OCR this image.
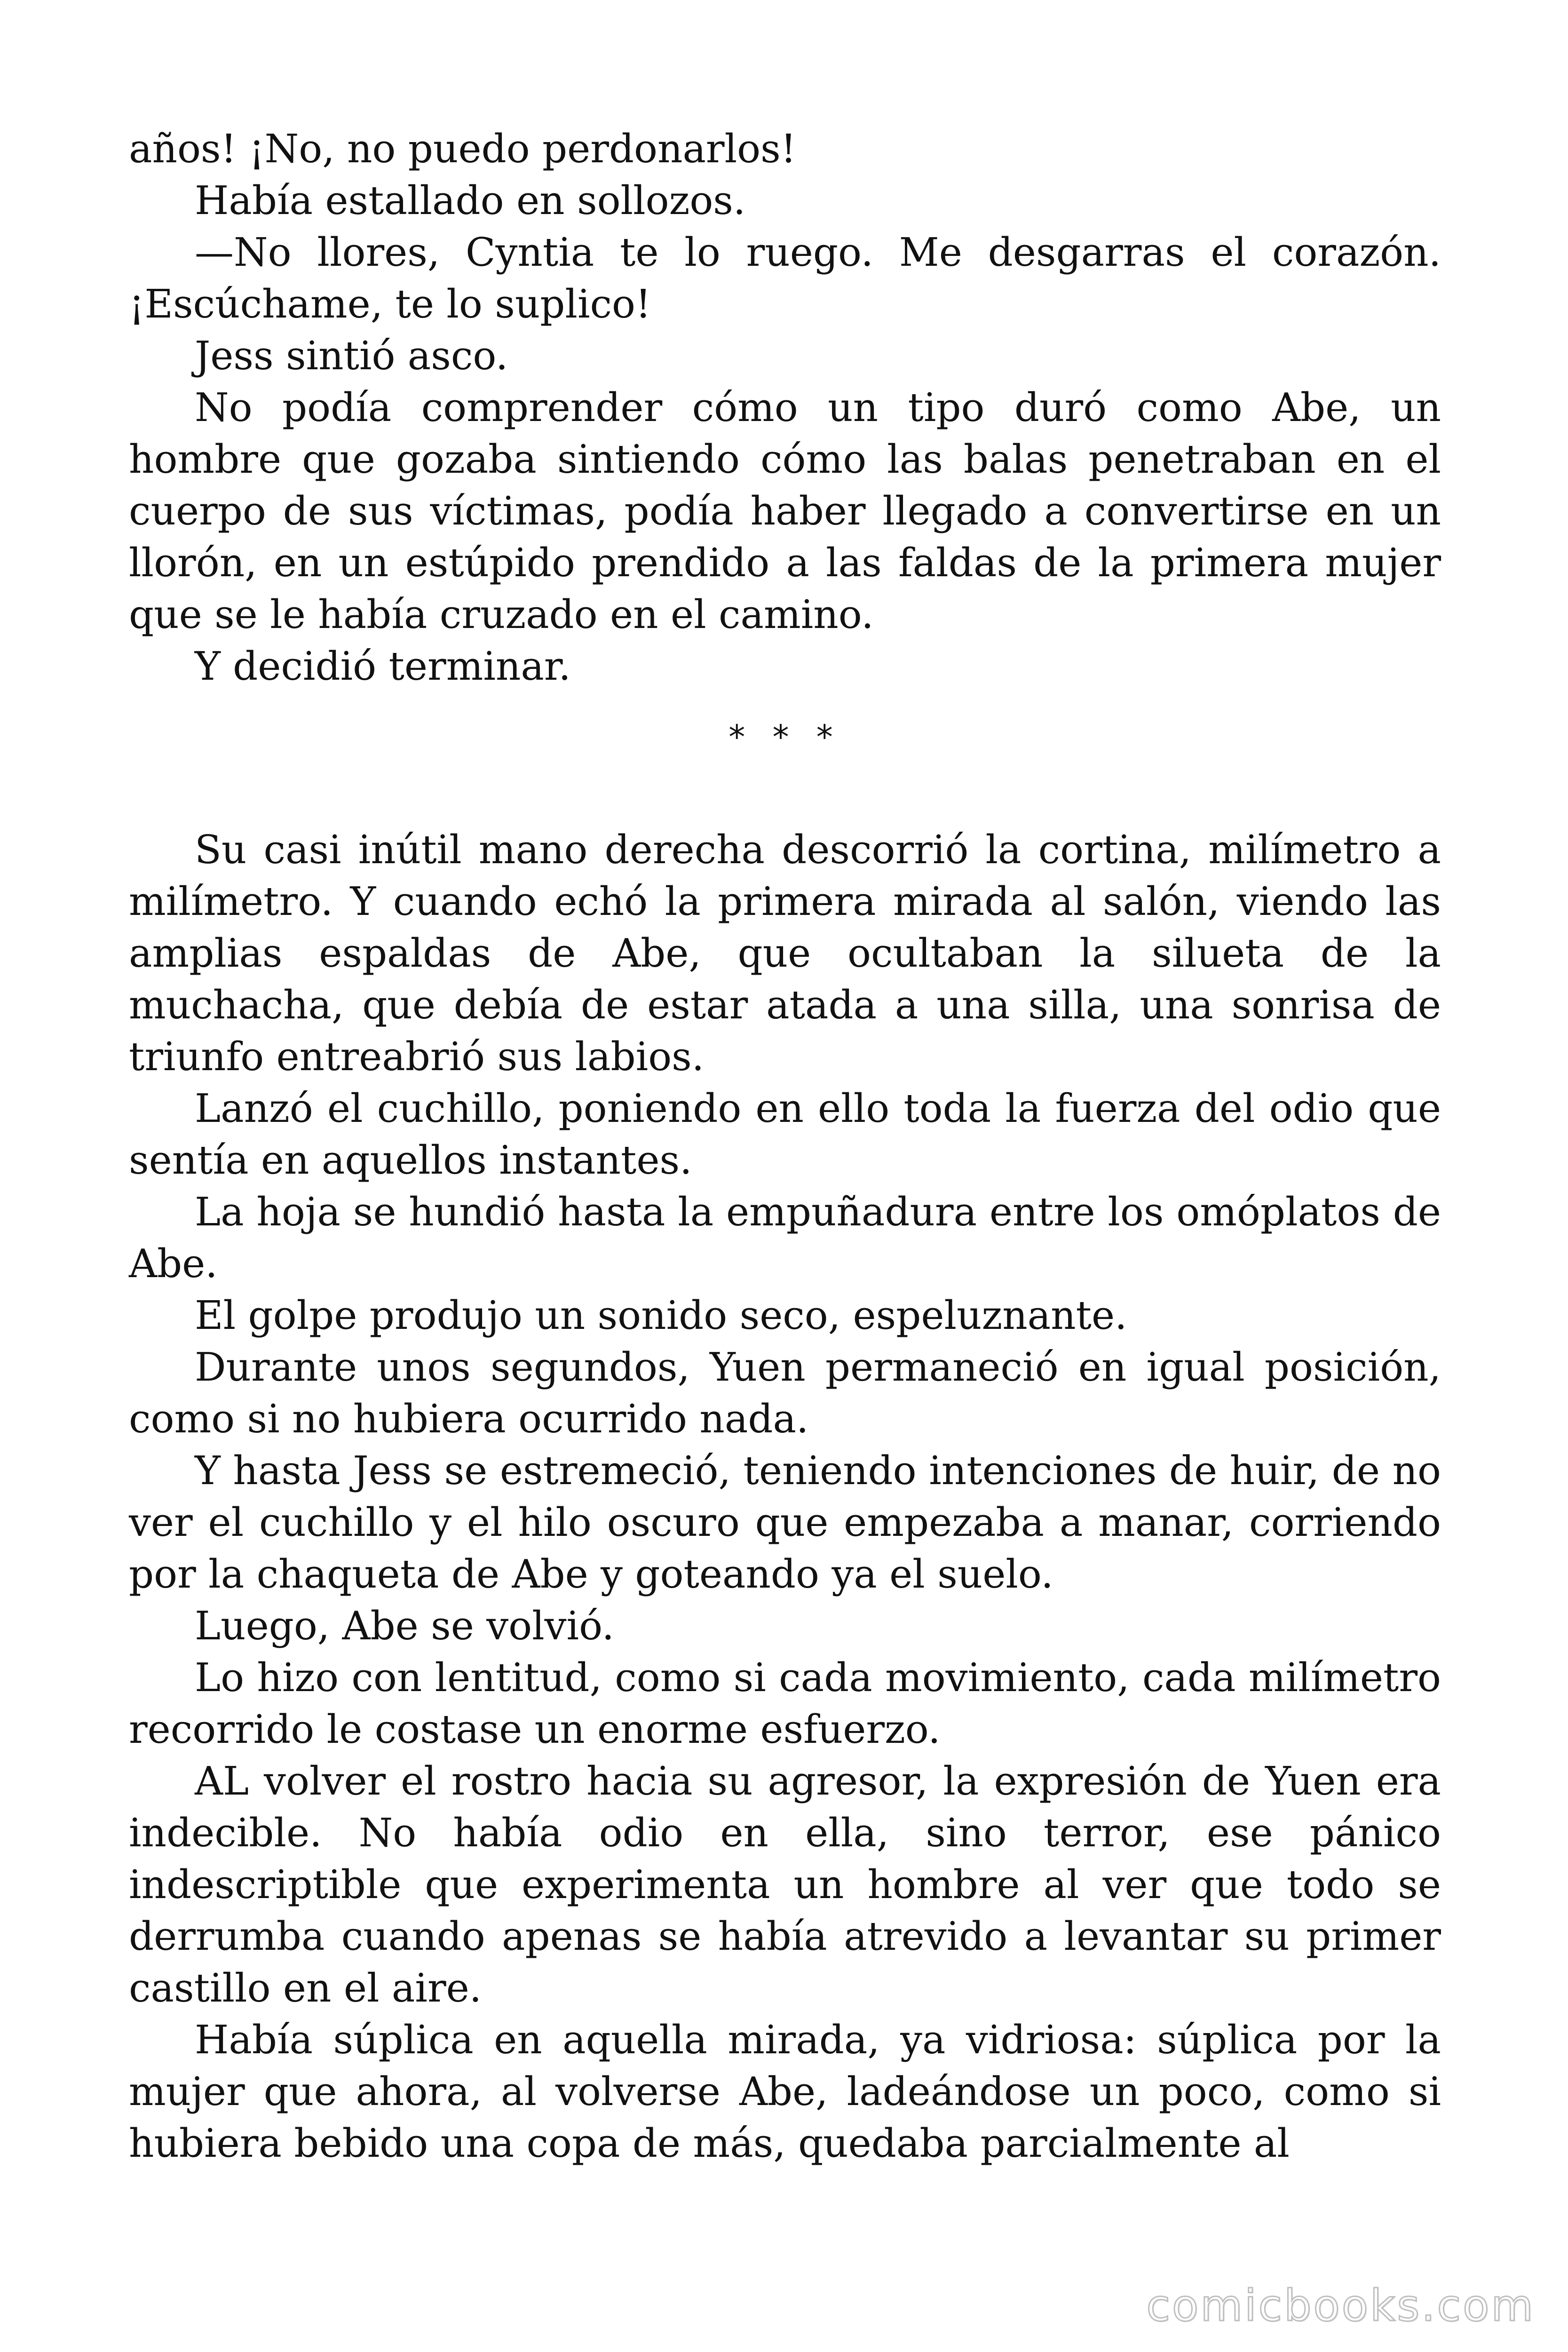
años! ¡No, no puedo perdonarlos!

Había estallado en sollozos.

—No llores, Cyntia te lo ruego. Me desgarras el corazón. ¡Escúchame, te lo suplico!

Jess sintió asco.

No podía comprender cómo un tipo duró como Abe, un hombre que gozaba sintiendo cómo las balas penetraban en el cuerpo de sus víctimas, podía haber llegado a convertirse en un llorón, en un estúpido prendido a las faldas de la primera mujer que se le había cruzado en el camino.

Y decidió terminar.

* * *

Su casi inútil mano derecha descorrió la cortina, milímetro a milímetro. Y cuando echó la primera mirada al salón, viendo las amplias espaldas de Abe, que ocultaban la silueta de la muchacha, que debía de estar atada a una silla, una sonrisa de triunfo entreabrió sus labios.

Lanzó el cuchillo, poniendo en ello toda la fuerza del odio que sentía en aquellos instantes.

La hoja se hundió hasta la empuñadura entre los omóplatos de Abe.

El golpe produjo un sonido seco, espeluznante.

Durante unos segundos, Yuen permaneció en igual posición, como si no hubiera ocurrido nada.

Y hasta Jess se estremeció, teniendo intenciones de huir, de no ver el cuchillo y el hilo oscuro que empezaba a manar, corriendo por la chaqueta de Abe y goteando ya el suelo.

Luego, Abe se volvió.

Lo hizo con lentitud, como si cada movimiento, cada milímetro recorrido le costase un enorme esfuerzo.

AL volver el rostro hacia su agresor, la expresión de Yuen era indecible. No había odio en ella, sino terror, ese pánico indescriptible que experimenta un hombre al ver que todo se derrumba cuando apenas se había atrevido a levantar su primer castillo en el aire.

Había súplica en aquella mirada, ya vidriosa: súplica por la mujer que ahora, al volverse Abe, ladeándose un poco, como si hubiera bebido una copa de más, quedaba parcialmente al

comicbooks.com
